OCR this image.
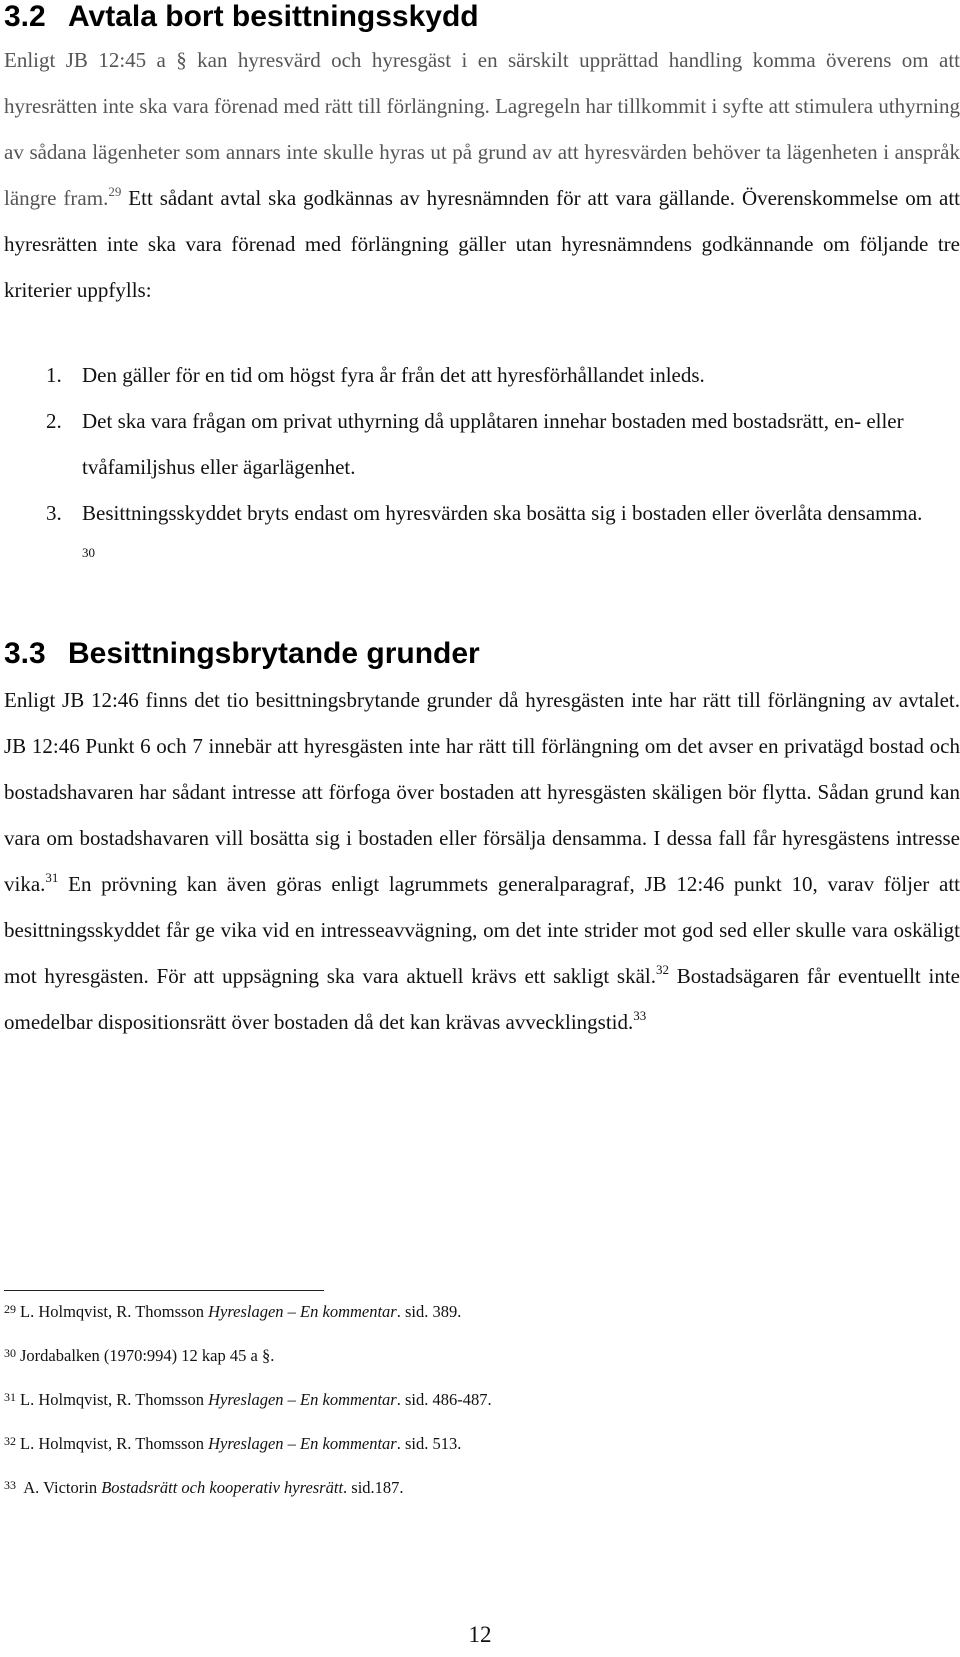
3.2 Avtala bort besittningsskydd
Enligt JB 12:45 a § kan hyresvärd och hyresgäst i en särskilt upprättad handling komma överens om att hyresrätten inte ska vara förenad med rätt till förlängning. Lagregeln har tillkommit i syfte att stimulera uthyrning av sådana lägenheter som annars inte skulle hyras ut på grund av att hyresvärden behöver ta lägenheten i anspråk längre fram.$^{29}$ Ett sådant avtal ska godkännas av hyresnämnden för att vara gällande. Överenskommelse om att hyresrätten inte ska vara förenad med förlängning gäller utan hyresnämndens godkännande om följande tre kriterier uppfylls:
1. Den gäller för en tid om högst fyra år från det att hyresförhållandet inleds.
2. Det ska vara frågan om privat uthyrning då upplåtaren innehar bostaden med bostadsrätt, en- eller tvåfamiljshus eller ägarlägenhet.
3. Besittningsskyddet bryts endast om hyresvärden ska bosätta sig i bostaden eller överlåta densamma. $^{30}$
3.3 Besittningsbrytande grunder
Enligt JB 12:46 finns det tio besittningsbrytande grunder då hyresgästen inte har rätt till förlängning av avtalet. JB 12:46 Punkt 6 och 7 innebär att hyresgästen inte har rätt till förlängning om det avser en privatägd bostad och bostadshavaren har sådant intresse att förfoga över bostaden att hyresgästen skäligen bör flytta. Sådan grund kan vara om bostadshavaren vill bosätta sig i bostaden eller försälja densamma. I dessa fall får hyresgästens intresse vika.$^{31}$ En prövning kan även göras enligt lagrummets generalparagraf, JB 12:46 punkt 10, varav följer att besittningsskyddet får ge vika vid en intresseavvägning, om det inte strider mot god sed eller skulle vara oskäligt mot hyresgästen. För att uppsägning ska vara aktuell krävs ett sakligt skäl.$^{32}$ Bostadsägaren får eventuellt inte omedelbar dispositionsrätt över bostaden då det kan krävas avvecklingstid.$^{33}$
29 L. Holmqvist, R. Thomsson Hyreslagen – En kommentar. sid. 389.
30 Jordabalken (1970:994) 12 kap 45 a §.
31 L. Holmqvist, R. Thomsson Hyreslagen – En kommentar. sid. 486-487.
32 L. Holmqvist, R. Thomsson Hyreslagen – En kommentar. sid. 513.
33 A. Victorin Bostadsrätt och kooperativ hyresrätt. sid.187.
12
